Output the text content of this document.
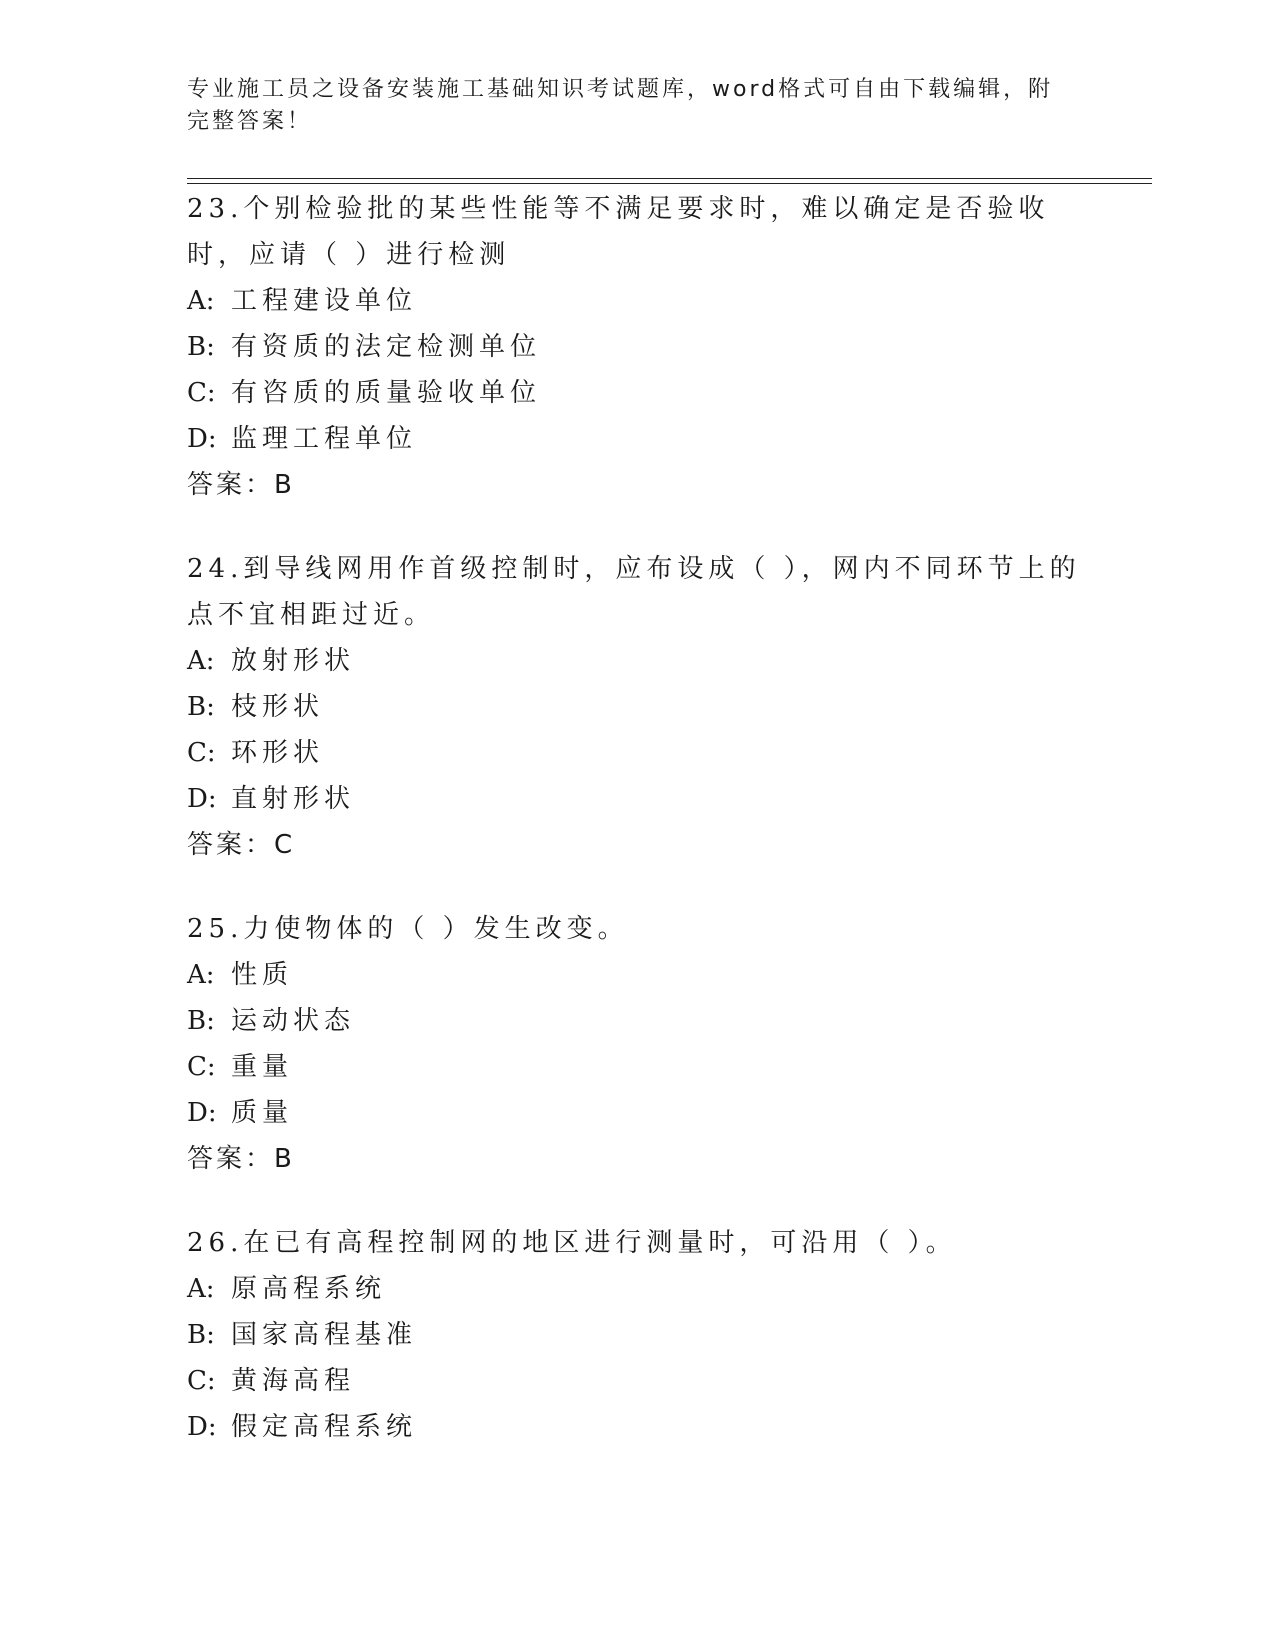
专业施工员之设备安装施工基础知识考试题库，word格式可自由下载编辑，附完整答案！

23.个别检验批的某些性能等不满足要求时，难以确定是否验收时，应请（ ）进行检测

A: 工程建设单位
B: 有资质的法定检测单位
C: 有咨质的质量验收单位
D: 监理工程单位
答案：B

24.到导线网用作首级控制时，应布设成（ ），网内不同环节上的点不宜相距过近。

A: 放射形状
B: 枝形状
C: 环形状
D: 直射形状
答案：C

25.力使物体的（ ）发生改变。

A: 性质
B: 运动状态
C: 重量
D: 质量
答案：B

26.在已有高程控制网的地区进行测量时，可沿用（ ）。

A: 原高程系统
B: 国家高程基准
C: 黄海高程
D: 假定高程系统
